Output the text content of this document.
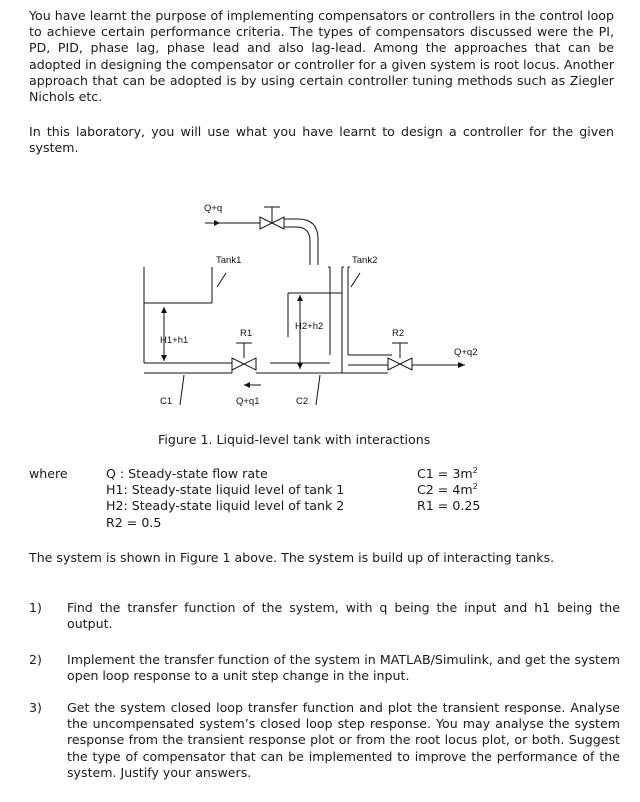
You have learnt the purpose of implementing compensators or controllers in the control loop to achieve certain performance criteria. The types of compensators discussed were the PI, PD, PID, phase lag, phase lead and also lag-lead. Among the approaches that can be adopted in designing the compensator or controller for a given system is root locus. Another approach that can be adopted is by using certain controller tuning methods such as Ziegler Nichols etc.

In this laboratory, you will use what you have learnt to design a controller for the given system.

Q+q
Tank1
H1+h1
R1
Q+q1
Tank2
H2+h2
R2
Q+q2
C1	C2

Figure 1. Liquid-level tank with interactions

where	Q : Steady-state flow rate
H1: Steady-state liquid level of tank 1
H2: Steady-state liquid level of tank 2
R2 = 0.5
$C1 = 3m^2$
$C2 = 4m^2$
R1 = 0.25

The system is shown in Figure 1 above. The system is build up of interacting tanks.

1) Find the transfer function of the system, with q being the input and h1 being the output.
2) Implement the transfer function of the system in MATLAB/Simulink, and get the system open loop response to a unit step change in the input.
3) Get the system closed loop transfer function and plot the transient response. Analyse the uncompensated system’s closed loop step response. You may analyse the system response from the transient response plot or from the root locus plot, or both. Suggest the type of compensator that can be implemented to improve the performance of the system. Justify your answers.
